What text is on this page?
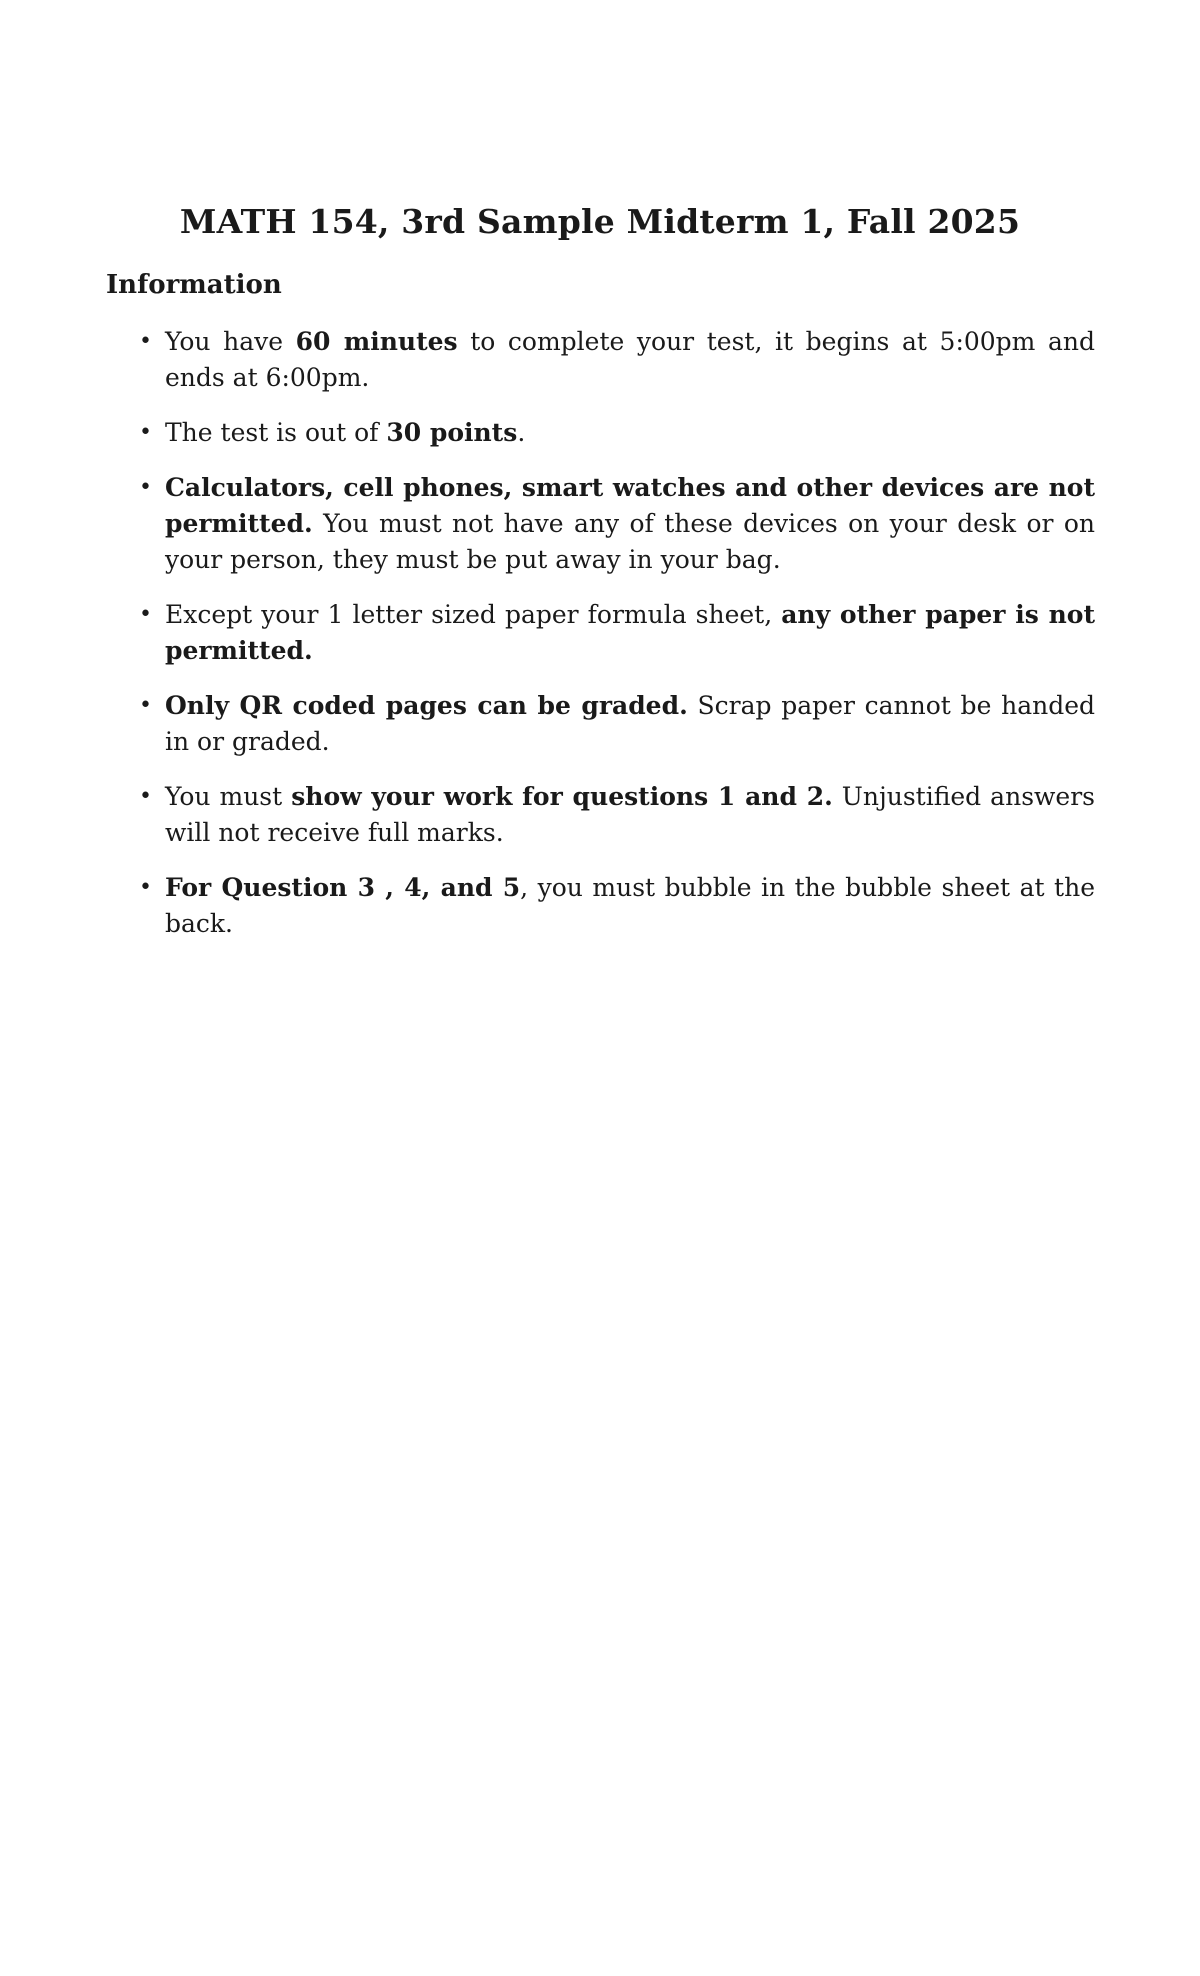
MATH 154, 3rd Sample Midterm 1, Fall 2025
Information
• You have 60 minutes to complete your test, it begins at 5:00pm and ends at 6:00pm.
• The test is out of 30 points.
• Calculators, cell phones, smart watches and other devices are not permitted. You must not have any of these devices on your desk or on your person, they must be put away in your bag.
• Except your 1 letter sized paper formula sheet, any other paper is not permitted.
• Only QR coded pages can be graded. Scrap paper cannot be handed in or graded.
• You must show your work for questions 1 and 2. Unjustified answers will not receive full marks.
• For Question 3 , 4, and 5, you must bubble in the bubble sheet at the back.
